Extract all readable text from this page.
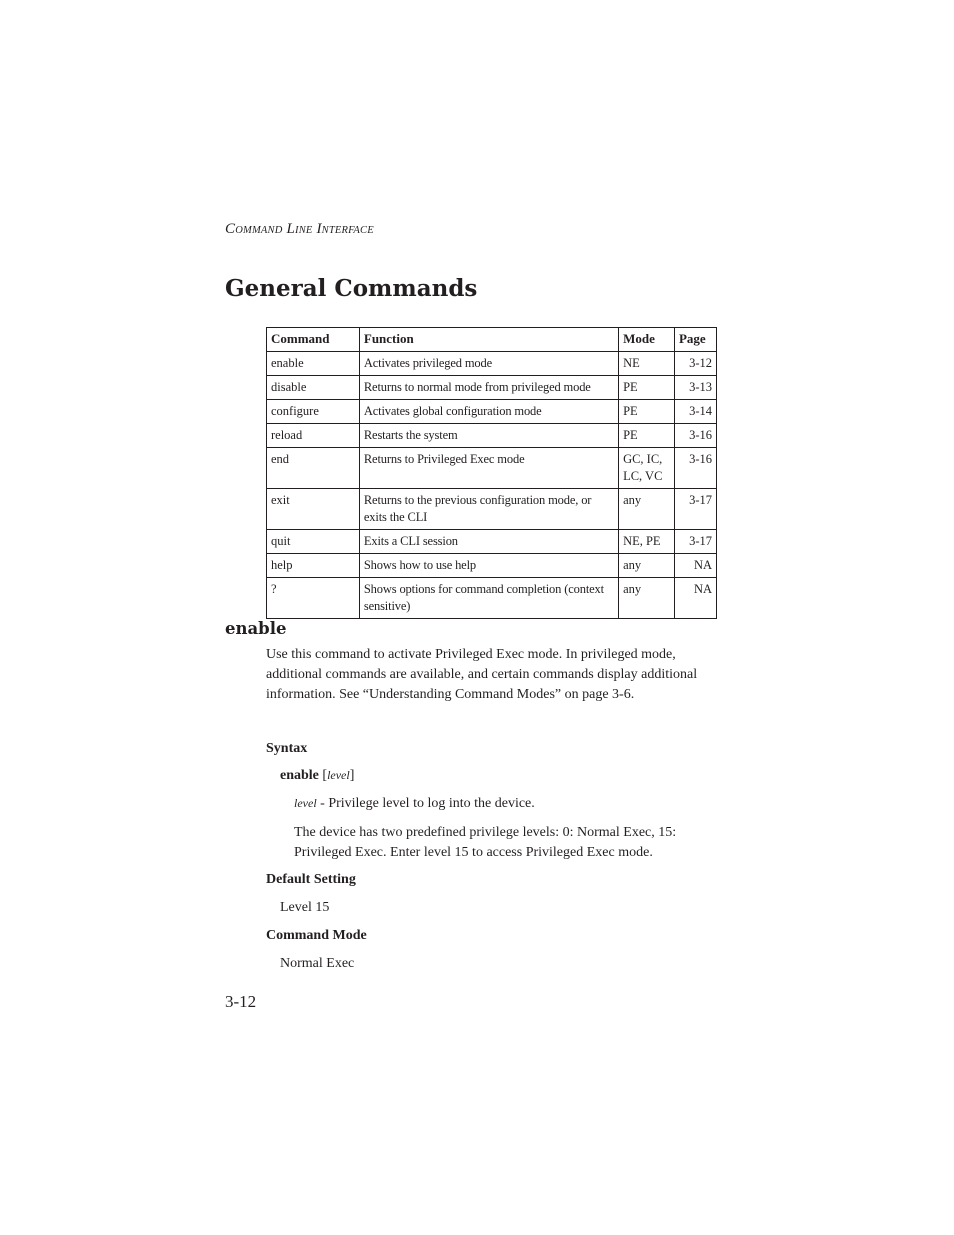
COMMAND LINE INTERFACE
General Commands
Command	Function	Mode	Page
enable	Activates privileged mode	NE	3-12
disable	Returns to normal mode from privileged mode	PE	3-13
configure	Activates global configuration mode	PE	3-14
reload	Restarts the system	PE	3-16
end	Returns to Privileged Exec mode	GC, IC, LC, VC	3-16
exit	Returns to the previous configuration mode, or exits the CLI	any	3-17
quit	Exits a CLI session	NE, PE	3-17
help	Shows how to use help	any	NA
?	Shows options for command completion (context sensitive)	any	NA
enable
Use this command to activate Privileged Exec mode. In privileged mode, additional commands are available, and certain commands display additional information. See “Understanding Command Modes” on page 3-6.
Syntax
enable [level]
level - Privilege level to log into the device.
The device has two predefined privilege levels: 0: Normal Exec, 15: Privileged Exec. Enter level 15 to access Privileged Exec mode.
Default Setting
Level 15
Command Mode
Normal Exec
3-12
